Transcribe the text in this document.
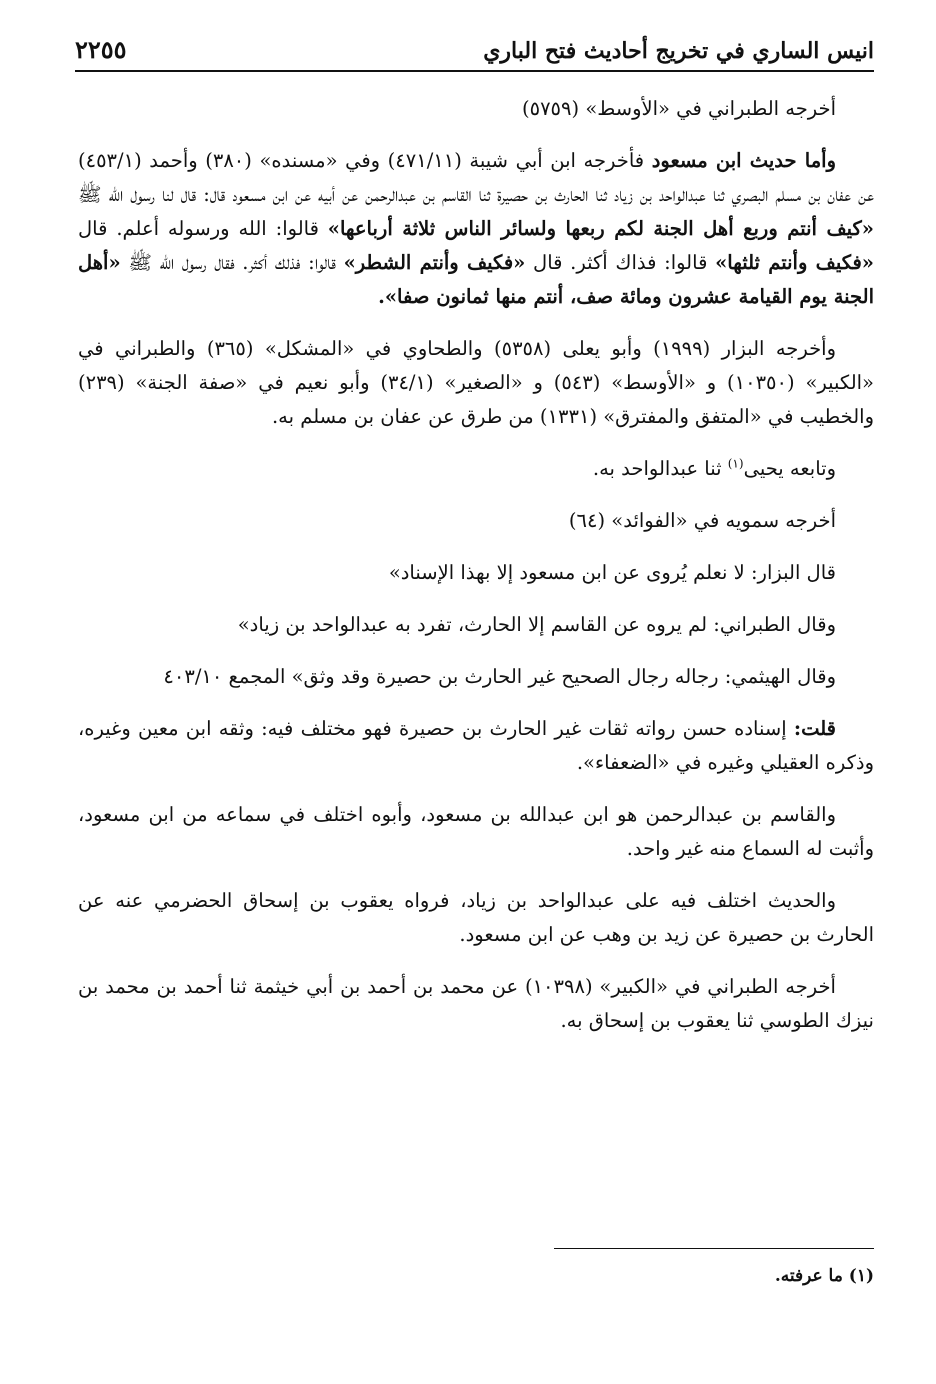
انيس الساري في تخريج أحاديث فتح الباري
٢٢٥٥

أخرجه الطبراني في «الأوسط» (٥٧٥٩)

وأما حديث ابن مسعود فأخرجه ابن أبي شيبة (٤٧١/١١) وفي «مسنده» (٣٨٠) وأحمد (٤٥٣/١) عن عفان بن مسلم البصري ثنا عبدالواحد بن زياد ثنا الحارث بن حصيرة ثنا القاسم بن عبدالرحمن عن أبيه عن ابن مسعود قال: قال لنا رسول الله ﷺ «كيف أنتم وربع أهل الجنة لكم ربعها ولسائر الناس ثلاثة أرباعها» قالوا: الله ورسوله أعلم. قال «فكيف وأنتم ثلثها» قالوا: فذاك أكثر. قال «فكيف وأنتم الشطر» قالوا: فذلك أكثر. فقال رسول الله ﷺ «أهل الجنة يوم القيامة عشرون ومائة صف، أنتم منها ثمانون صفا».

وأخرجه البزار (١٩٩٩) وأبو يعلى (٥٣٥٨) والطحاوي في «المشكل» (٣٦٥) والطبراني في «الكبير» (١٠٣٥٠) و «الأوسط» (٥٤٣) و «الصغير» (٣٤/١) وأبو نعيم في «صفة الجنة» (٢٣٩) والخطيب في «المتفق والمفترق» (١٣٣١) من طرق عن عفان بن مسلم به.

وتابعه يحيى$^{(١)}$ ثنا عبدالواحد به.

أخرجه سمويه في «الفوائد» (٦٤)

قال البزار: لا نعلم يُروى عن ابن مسعود إلا بهذا الإسناد»

وقال الطبراني: لم يروه عن القاسم إلا الحارث، تفرد به عبدالواحد بن زياد»

وقال الهيثمي: رجاله رجال الصحيح غير الحارث بن حصيرة وقد وثق» المجمع ٤٠٣/١٠

قلت: إسناده حسن رواته ثقات غير الحارث بن حصيرة فهو مختلف فيه: وثقه ابن معين وغيره، وذكره العقيلي وغيره في «الضعفاء».

والقاسم بن عبدالرحمن هو ابن عبدالله بن مسعود، وأبوه اختلف في سماعه من ابن مسعود، وأثبت له السماع منه غير واحد.

والحديث اختلف فيه على عبدالواحد بن زياد، فرواه يعقوب بن إسحاق الحضرمي عنه عن الحارث بن حصيرة عن زيد بن وهب عن ابن مسعود.

أخرجه الطبراني في «الكبير» (١٠٣٩٨) عن محمد بن أحمد بن أبي خيثمة ثنا أحمد بن محمد بن نيزك الطوسي ثنا يعقوب بن إسحاق به.

(١) ما عرفته.
